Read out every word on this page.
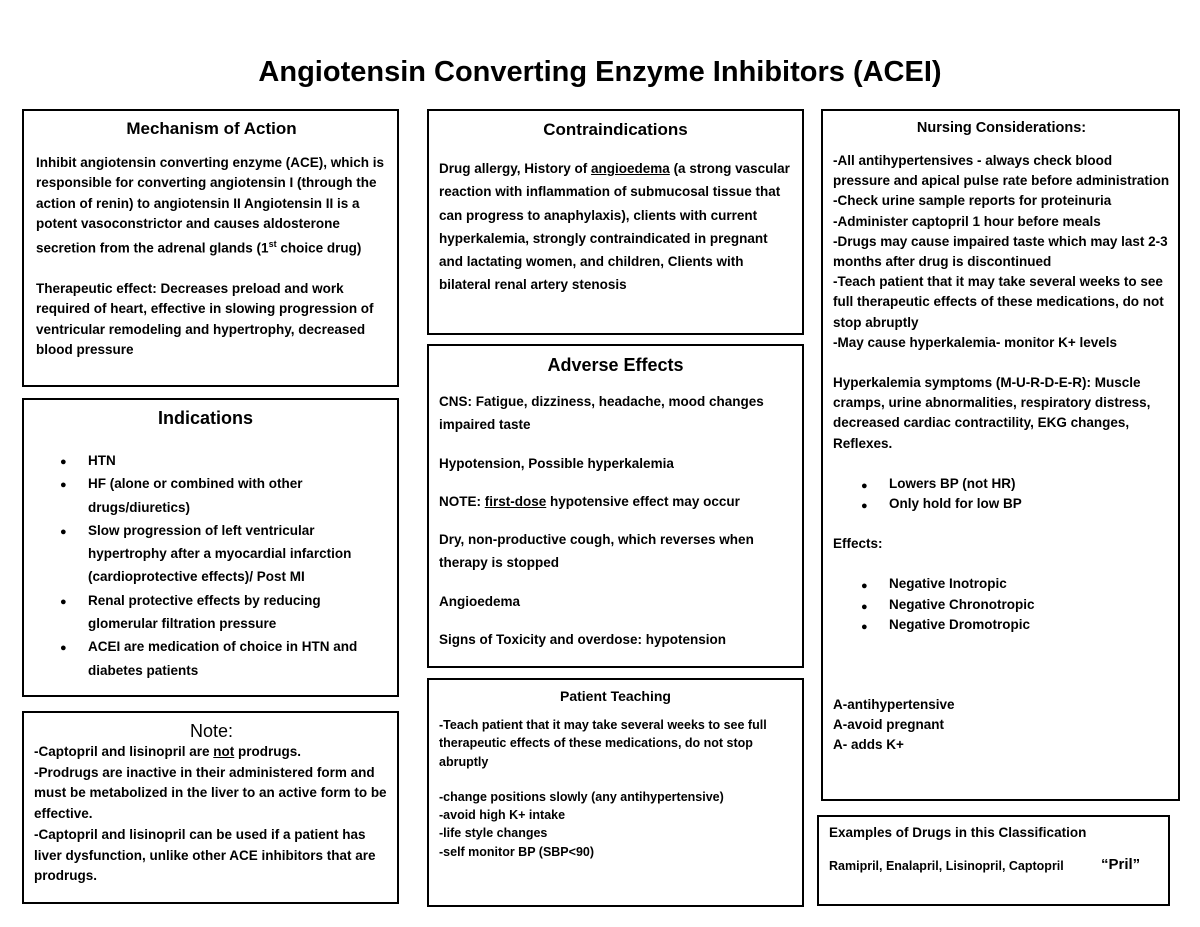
Angiotensin Converting Enzyme Inhibitors (ACEI)
Mechanism of Action

Inhibit angiotensin converting enzyme (ACE), which is responsible for converting angiotensin I (through the action of renin) to angiotensin II Angiotensin II is a potent vasoconstrictor and causes aldosterone secretion from the adrenal glands (1st choice drug)

Therapeutic effect: Decreases preload and work required of heart, effective in slowing progression of ventricular remodeling and hypertrophy, decreased blood pressure

Indications
● HTN
● HF (alone or combined with other drugs/diuretics)
● Slow progression of left ventricular hypertrophy after a myocardial infarction (cardioprotective effects)/ Post MI
● Renal protective effects by reducing glomerular filtration pressure
● ACEI are medication of choice in HTN and diabetes patients
Note:

-Captopril and lisinopril are not prodrugs.

-Prodrugs are inactive in their administered form and must be metabolized in the liver to an active form to be effective.

-Captopril and lisinopril can be used if a patient has liver dysfunction, unlike other ACE inhibitors that are prodrugs.

Contraindications

Drug allergy, History of angioedema (a strong vascular reaction with inflammation of submucosal tissue that can progress to anaphylaxis), clients with current hyperkalemia, strongly contraindicated in pregnant and lactating women, and children, Clients with bilateral renal artery stenosis

Adverse Effects

CNS: Fatigue, dizziness, headache, mood changes impaired taste

Hypotension, Possible hyperkalemia

NOTE: first-dose hypotensive effect may occur

Dry, non-productive cough, which reverses when therapy is stopped

Angioedema

Signs of Toxicity and overdose: hypotension

Patient Teaching

-Teach patient that it may take several weeks to see full therapeutic effects of these medications, do not stop abruptly

-change positions slowly (any antihypertensive)

-avoid high K+ intake

-life style changes

-self monitor BP (SBP<90)

Nursing Considerations:

-All antihypertensives - always check blood pressure and apical pulse rate before administration

-Check urine sample reports for proteinuria

-Administer captopril 1 hour before meals

-Drugs may cause impaired taste which may last 2-3 months after drug is discontinued

-Teach patient that it may take several weeks to see full therapeutic effects of these medications, do not stop abruptly

-May cause hyperkalemia- monitor K+ levels

Hyperkalemia symptoms (M-U-R-D-E-R): Muscle cramps, urine abnormalities, respiratory distress, decreased cardiac contractility, EKG changes, Reflexes.

● Lowers BP (not HR)
● Only hold for low BP

Effects:

● Negative Inotropic
● Negative Chronotropic
● Negative Dromotropic

A-antihypertensive

A-avoid pregnant

A- adds K+

Examples of Drugs in this Classification
Ramipril, Enalapril, Lisinopril, Captopril “Pril”
